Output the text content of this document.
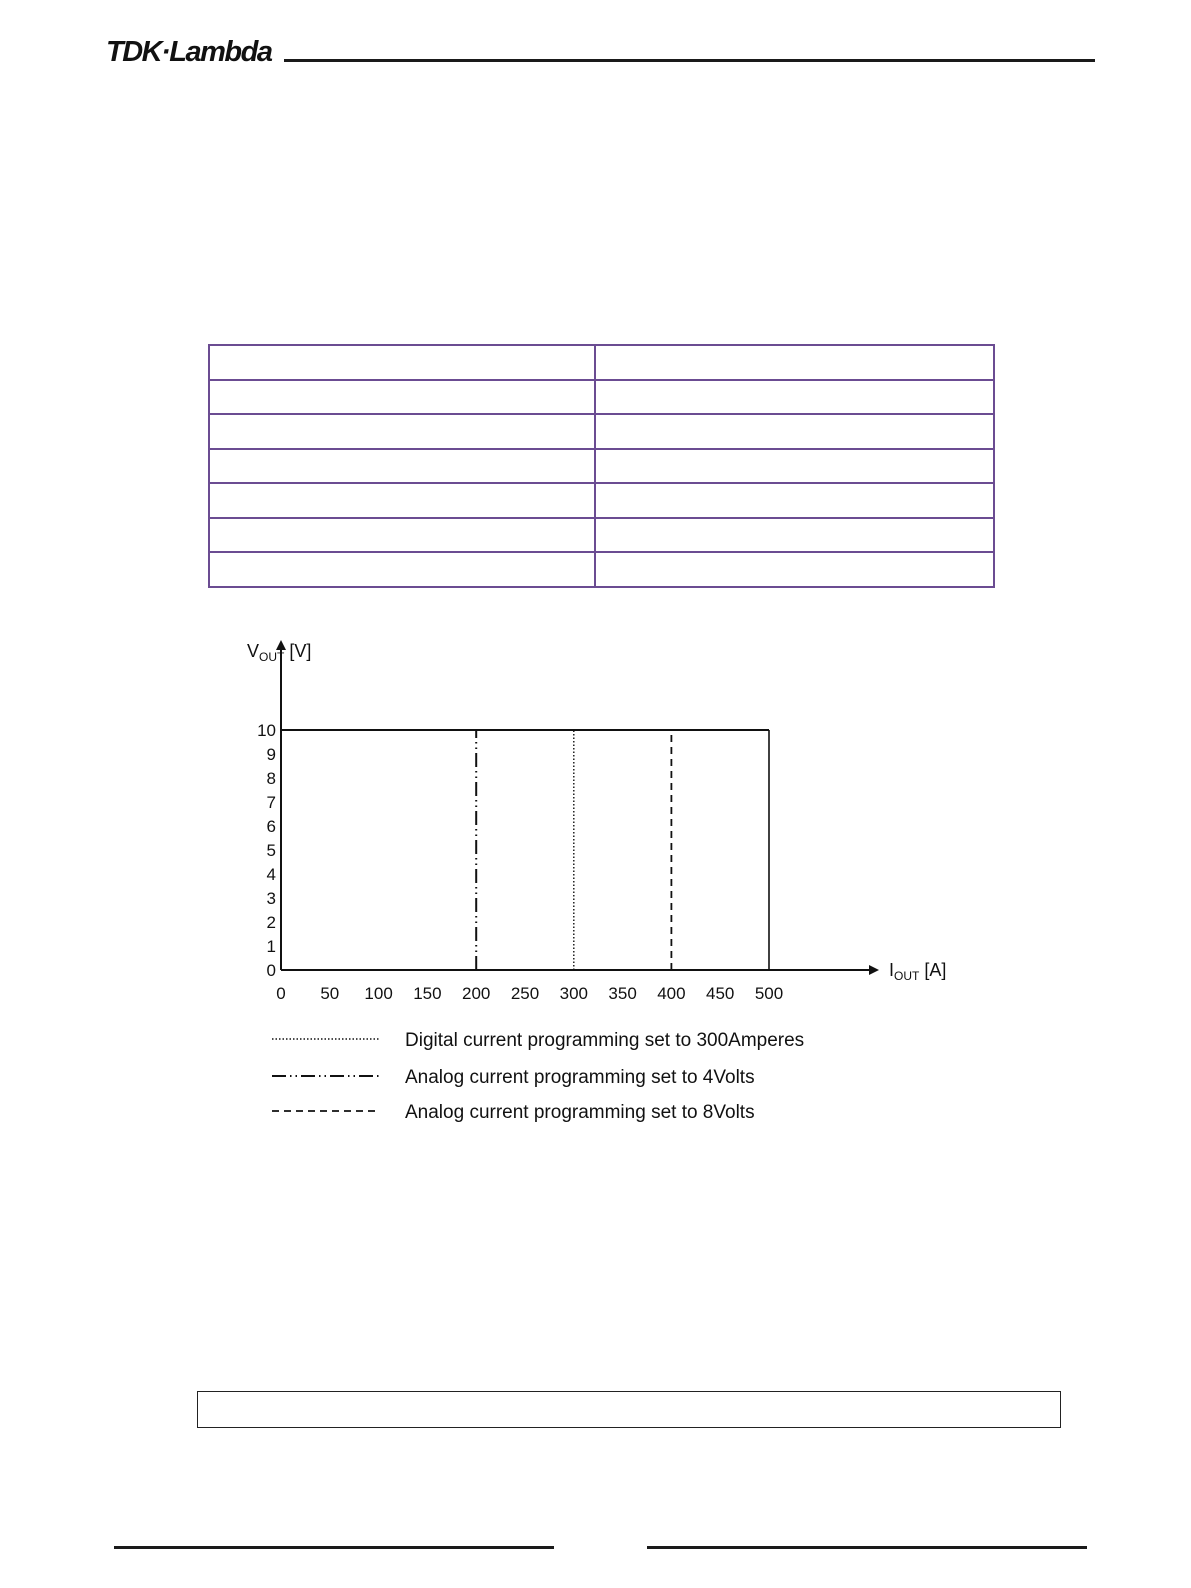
TDK·Lambda

0 50 100 150 200 250 300 350 400 450 500
0
1
2
3
4
5
6
7
8
9
10
Digital current programming set to 300Amperes
Analog current programming set to 4Volts
Analog current programming set to 8Volts
$V_{OUT}$ [V]
$I_{OUT}$ [A]
